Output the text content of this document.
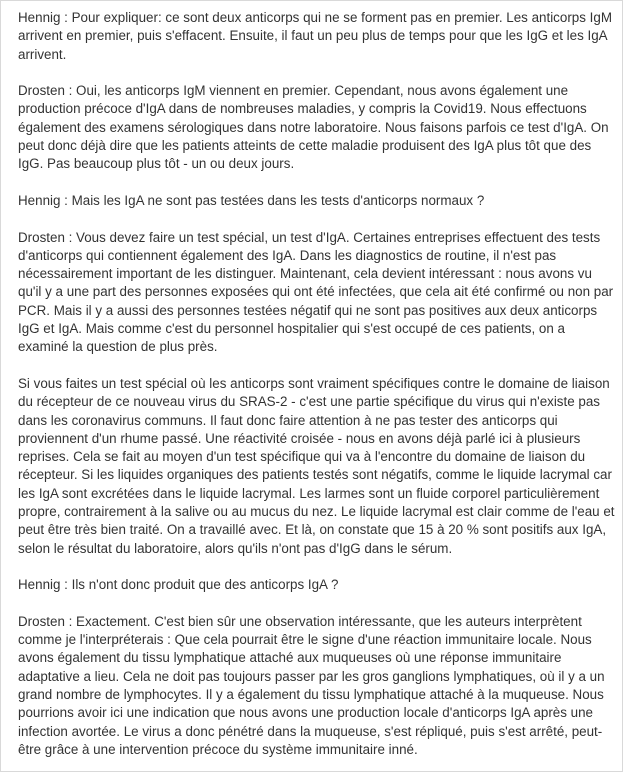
Hennig : Pour expliquer: ce sont deux anticorps qui ne se forment pas en premier. Les anticorps IgM arrivent en premier, puis s'effacent. Ensuite, il faut un peu plus de temps pour que les IgG et les IgA arrivent.

Drosten : Oui, les anticorps IgM viennent en premier. Cependant, nous avons également une production précoce d'IgA dans de nombreuses maladies, y compris la Covid19. Nous effectuons également des examens sérologiques dans notre laboratoire. Nous faisons parfois ce test d'IgA. On peut donc déjà dire que les patients atteints de cette maladie produisent des IgA plus tôt que des IgG. Pas beaucoup plus tôt - un ou deux jours.

Hennig : Mais les IgA ne sont pas testées dans les tests d'anticorps normaux ?

Drosten : Vous devez faire un test spécial, un test d'IgA. Certaines entreprises effectuent des tests d'anticorps qui contiennent également des IgA. Dans les diagnostics de routine, il n'est pas nécessairement important de les distinguer. Maintenant, cela devient intéressant : nous avons vu qu'il y a une part des personnes exposées qui ont été infectées, que cela ait été confirmé ou non par PCR. Mais il y a aussi des personnes testées négatif qui ne sont pas positives aux deux anticorps IgG et IgA. Mais comme c'est du personnel hospitalier qui s'est occupé de ces patients, on a examiné la question de plus près.

Si vous faites un test spécial où les anticorps sont vraiment spécifiques contre le domaine de liaison du récepteur de ce nouveau virus du SRAS-2 - c'est une partie spécifique du virus qui n'existe pas dans les coronavirus communs. Il faut donc faire attention à ne pas tester des anticorps qui proviennent d'un rhume passé. Une réactivité croisée - nous en avons déjà parlé ici à plusieurs reprises. Cela se fait au moyen d'un test spécifique qui va à l'encontre du domaine de liaison du récepteur. Si les liquides organiques des patients testés sont négatifs, comme le liquide lacrymal car les IgA sont excrétées dans le liquide lacrymal. Les larmes sont un fluide corporel particulièrement propre, contrairement à la salive ou au mucus du nez. Le liquide lacrymal est clair comme de l'eau et peut être très bien traité. On a travaillé avec. Et là, on constate que 15 à 20 % sont positifs aux IgA, selon le résultat du laboratoire, alors qu'ils n'ont pas d'IgG dans le sérum.

Hennig : Ils n'ont donc produit que des anticorps IgA ?

Drosten : Exactement. C'est bien sûr une observation intéressante, que les auteurs interprètent comme je l'interpréterais : Que cela pourrait être le signe d'une réaction immunitaire locale. Nous avons également du tissu lymphatique attaché aux muqueuses où une réponse immunitaire adaptative a lieu. Cela ne doit pas toujours passer par les gros ganglions lymphatiques, où il y a un grand nombre de lymphocytes. Il y a également du tissu lymphatique attaché à la muqueuse. Nous pourrions avoir ici une indication que nous avons une production locale d'anticorps IgA après une infection avortée. Le virus a donc pénétré dans la muqueuse, s'est répliqué, puis s'est arrêté, peut-être grâce à une intervention précoce du système immunitaire inné.
